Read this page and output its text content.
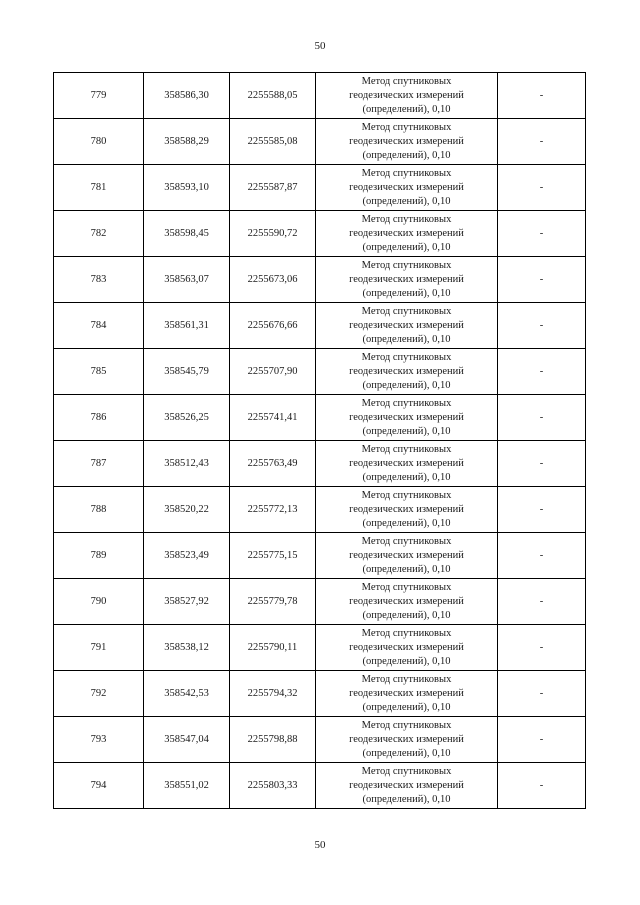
50
779	358586,30	2255588,05	Метод спутниковых
геодезических измерений
(определений), 0,10	-
780	358588,29	2255585,08	Метод спутниковых
геодезических измерений
(определений), 0,10	-
781	358593,10	2255587,87	Метод спутниковых
геодезических измерений
(определений), 0,10	-
782	358598,45	2255590,72	Метод спутниковых
геодезических измерений
(определений), 0,10	-
783	358563,07	2255673,06	Метод спутниковых
геодезических измерений
(определений), 0,10	-
784	358561,31	2255676,66	Метод спутниковых
геодезических измерений
(определений), 0,10	-
785	358545,79	2255707,90	Метод спутниковых
геодезических измерений
(определений), 0,10	-
786	358526,25	2255741,41	Метод спутниковых
геодезических измерений
(определений), 0,10	-
787	358512,43	2255763,49	Метод спутниковых
геодезических измерений
(определений), 0,10	-
788	358520,22	2255772,13	Метод спутниковых
геодезических измерений
(определений), 0,10	-
789	358523,49	2255775,15	Метод спутниковых
геодезических измерений
(определений), 0,10	-
790	358527,92	2255779,78	Метод спутниковых
геодезических измерений
(определений), 0,10	-
791	358538,12	2255790,11	Метод спутниковых
геодезических измерений
(определений), 0,10	-
792	358542,53	2255794,32	Метод спутниковых
геодезических измерений
(определений), 0,10	-
793	358547,04	2255798,88	Метод спутниковых
геодезических измерений
(определений), 0,10	-
794	358551,02	2255803,33	Метод спутниковых
геодезических измерений
(определений), 0,10	-
50
